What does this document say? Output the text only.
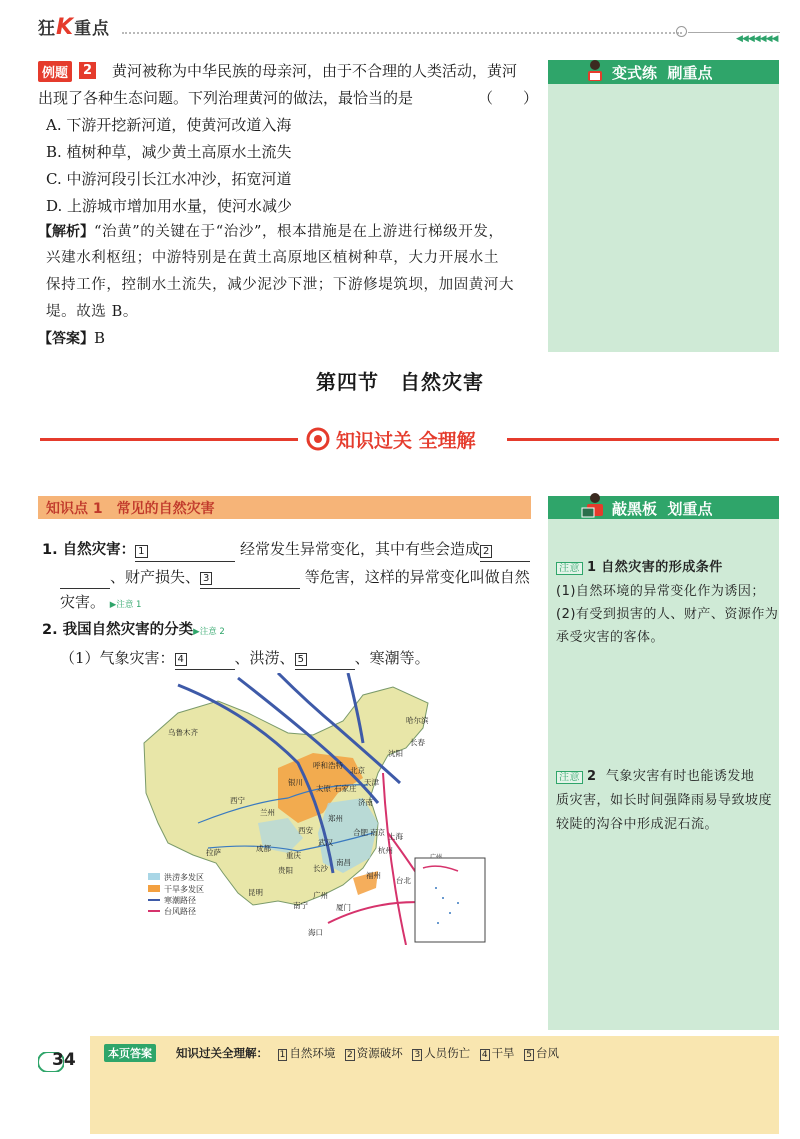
狂K重点	◀◀◀◀◀◀◀
例题	2	黄河被称为中华民族的母亲河，由于不合理的人类活动，黄河
出现了各种生态问题。下列治理黄河的做法，最恰当的是	（　　）
A. 下游开挖新河道，使黄河改道入海
B. 植树种草，减少黄土高原水土流失
C. 中游河段引长江水冲沙，拓宽河道
D. 上游城市增加用水量，使河水减少
【解析】“治黄”的关键在于“治沙”，根本措施是在上游进行梯级开发，
兴建水利枢纽；中游特别是在黄土高原地区植树种草，大力开展水土
保持工作，控制水土流失，减少泥沙下泄；下游修堤筑坝，加固黄河大
堤。故选 B。
【答案】B
变式练 刷重点
第四节　自然灾害
知识过关 全理解
知识点 1　常见的自然灾害
1. 自然灾害： 1	经常发生异常变化，其中有些会造成 2
、财产损失、 3	等危害，这样的异常变化叫做自然
灾害。 ▶注意 1
2. 我国自然灾害的分类▶注意 2
（1）气象灾害： 4	、洪涝、 5	、寒潮等。
乌鲁木齐
哈尔滨
长春
沈阳
呼和浩特
北京
天津
银川
太原 石家庄
济南
西宁
兰州
郑州
西安	南京 上海
合肥
武汉
杭州
成都
重庆
拉萨
长沙
南昌
贵阳
福州
台北
昆明	广州
南宁	厦门
海口
洪涝多发区
干旱多发区
寒潮路径
台风路径
敲黑板 划重点
注意 1 自然灾害的形成条件
(1)自然环境的异常变化作为诱因；
(2)有受到损害的人、财产、资源作为
承受灾害的客体。
注意 2 气象灾害有时也能诱发地
质灾害，如长时间强降雨易导致坡度
较陡的沟谷中形成泥石流。
34	本页答案	知识过关全理解： 1 自然环境 2 资源破坏 3 人员伤亡 4 干旱 5 台风
